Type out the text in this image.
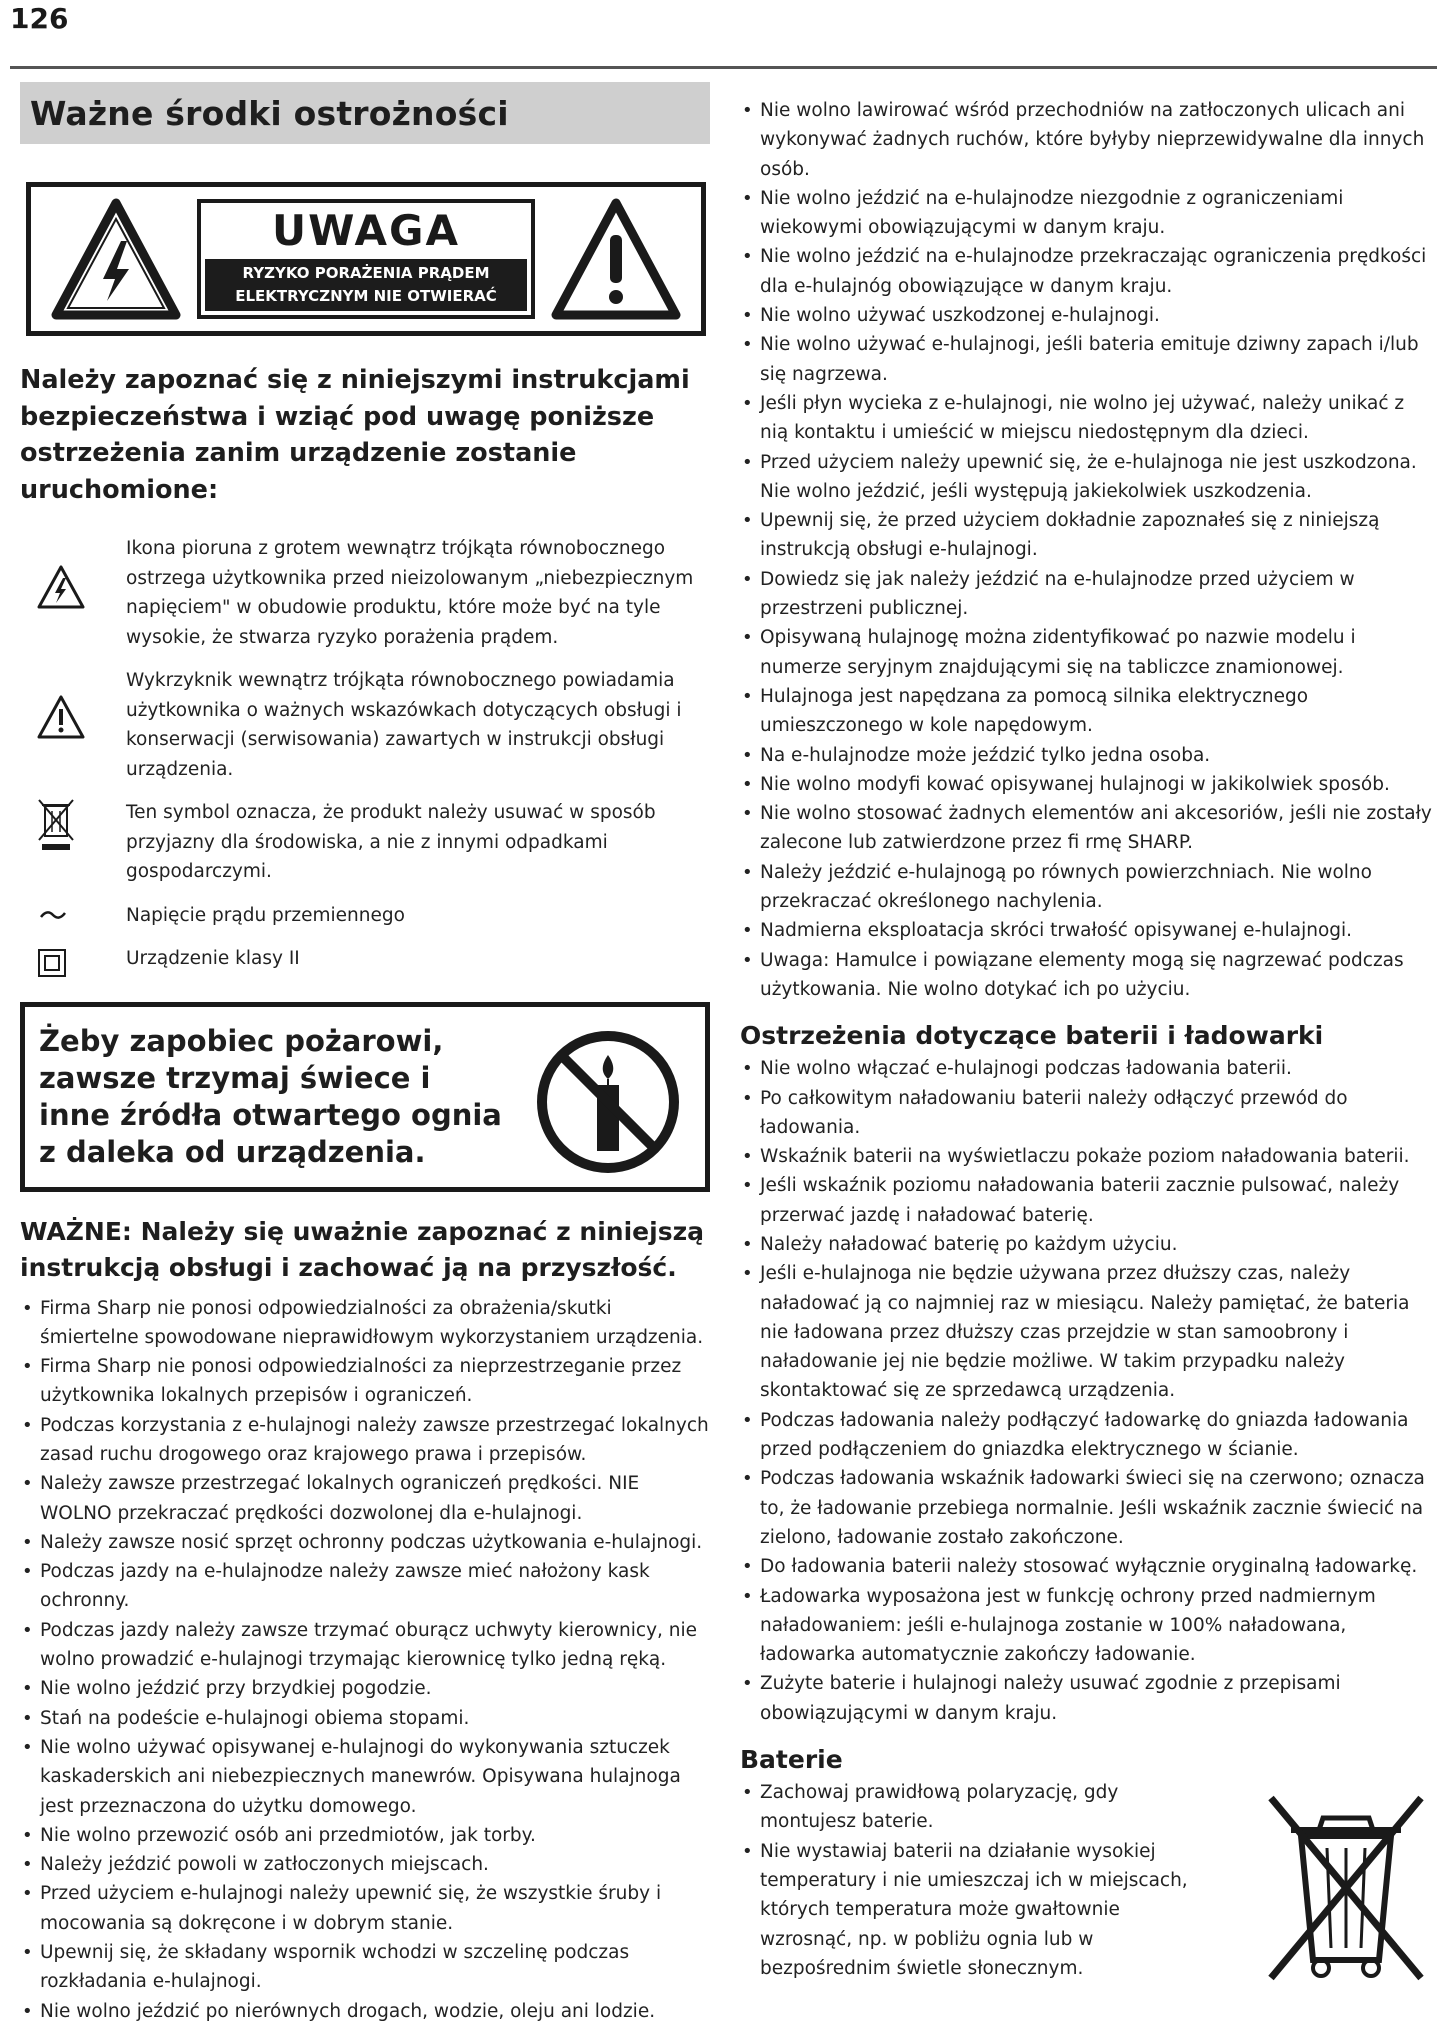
126
Ważne środki ostrożności
UWAGA
RYZYKO PORAŻENIA PRĄDEM
ELEKTRYCZNYM NIE OTWIERAĆ
Należy zapoznać się z niniejszymi instrukcjami bezpieczeństwa i wziąć pod uwagę poniższe ostrzeżenia zanim urządzenie zostanie uruchomione:
Ikona pioruna z grotem wewnątrz trójkąta równobocznego ostrzega użytkownika przed nieizolowanym „niebezpiecznym napięciem" w obudowie produktu, które może być na tyle wysokie, że stwarza ryzyko porażenia prądem.
Wykrzyknik wewnątrz trójkąta równobocznego powiadamia użytkownika o ważnych wskazówkach dotyczących obsługi i konserwacji (serwisowania) zawartych w instrukcji obsługi urządzenia.
Ten symbol oznacza, że produkt należy usuwać w sposób przyjazny dla środowiska, a nie z innymi odpadkami gospodarczymi.
Napięcie prądu przemiennego
Urządzenie klasy II

Żeby zapobiec pożarowi, zawsze trzymaj świece i inne źródła otwartego ognia z daleka od urządzenia.

WAŻNE: Należy się uważnie zapoznać z niniejszą instrukcją obsługi i zachować ją na przyszłość.
• Firma Sharp nie ponosi odpowiedzialności za obrażenia/skutki śmiertelne spowodowane nieprawidłowym wykorzystaniem urządzenia.
• Firma Sharp nie ponosi odpowiedzialności za nieprzestrzeganie przez użytkownika lokalnych przepisów i ograniczeń.
• Podczas korzystania z e-hulajnogi należy zawsze przestrzegać lokalnych zasad ruchu drogowego oraz krajowego prawa i przepisów.
• Należy zawsze przestrzegać lokalnych ograniczeń prędkości. NIE WOLNO przekraczać prędkości dozwolonej dla e-hulajnogi.
• Należy zawsze nosić sprzęt ochronny podczas użytkowania e-hulajnogi.
• Podczas jazdy na e-hulajnodze należy zawsze mieć nałożony kask ochronny.
• Podczas jazdy należy zawsze trzymać oburącz uchwyty kierownicy, nie wolno prowadzić e-hulajnogi trzymając kierownicę tylko jedną ręką.
• Nie wolno jeździć przy brzydkiej pogodzie.
• Stań na podeście e-hulajnogi obiema stopami.
• Nie wolno używać opisywanej e-hulajnogi do wykonywania sztuczek kaskaderskich ani niebezpiecznych manewrów. Opisywana hulajnoga jest przeznaczona do użytku domowego.
• Nie wolno przewozić osób ani przedmiotów, jak torby.
• Należy jeździć powoli w zatłoczonych miejscach.
• Przed użyciem e-hulajnogi należy upewnić się, że wszystkie śruby i mocowania są dokręcone i w dobrym stanie.
• Upewnij się, że składany wspornik wchodzi w szczelinę podczas rozkładania e-hulajnogi.
• Nie wolno jeździć po nierównych drogach, wodzie, oleju ani lodzie.
• Nie wolno lawirować wśród przechodniów na zatłoczonych ulicach ani wykonywać żadnych ruchów, które byłyby nieprzewidywalne dla innych osób.
• Nie wolno jeździć na e-hulajnodze niezgodnie z ograniczeniami wiekowymi obowiązującymi w danym kraju.
• Nie wolno jeździć na e-hulajnodze przekraczając ograniczenia prędkości dla e-hulajnóg obowiązujące w danym kraju.
• Nie wolno używać uszkodzonej e-hulajnogi.
• Nie wolno używać e-hulajnogi, jeśli bateria emituje dziwny zapach i/lub się nagrzewa.
• Jeśli płyn wycieka z e-hulajnogi, nie wolno jej używać, należy unikać z nią kontaktu i umieścić w miejscu niedostępnym dla dzieci.
• Przed użyciem należy upewnić się, że e-hulajnoga nie jest uszkodzona. Nie wolno jeździć, jeśli występują jakiekolwiek uszkodzenia.
• Upewnij się, że przed użyciem dokładnie zapoznałeś się z niniejszą instrukcją obsługi e-hulajnogi.
• Dowiedz się jak należy jeździć na e-hulajnodze przed użyciem w przestrzeni publicznej.
• Opisywaną hulajnogę można zidentyfikować po nazwie modelu i numerze seryjnym znajdującymi się na tabliczce znamionowej.
• Hulajnoga jest napędzana za pomocą silnika elektrycznego umieszczonego w kole napędowym.
• Na e-hulajnodze może jeździć tylko jedna osoba.
• Nie wolno modyfi kować opisywanej hulajnogi w jakikolwiek sposób.
• Nie wolno stosować żadnych elementów ani akcesoriów, jeśli nie zostały zalecone lub zatwierdzone przez fi rmę SHARP.
• Należy jeździć e-hulajnogą po równych powierzchniach. Nie wolno przekraczać określonego nachylenia.
• Nadmierna eksploatacja skróci trwałość opisywanej e-hulajnogi.
• Uwaga: Hamulce i powiązane elementy mogą się nagrzewać podczas użytkowania. Nie wolno dotykać ich po użyciu.
Ostrzeżenia dotyczące baterii i ładowarki
• Nie wolno włączać e-hulajnogi podczas ładowania baterii.
• Po całkowitym naładowaniu baterii należy odłączyć przewód do ładowania.
• Wskaźnik baterii na wyświetlaczu pokaże poziom naładowania baterii.
• Jeśli wskaźnik poziomu naładowania baterii zacznie pulsować, należy przerwać jazdę i naładować baterię.
• Należy naładować baterię po każdym użyciu.
• Jeśli e-hulajnoga nie będzie używana przez dłuższy czas, należy naładować ją co najmniej raz w miesiącu. Należy pamiętać, że bateria nie ładowana przez dłuższy czas przejdzie w stan samoobrony i naładowanie jej nie będzie możliwe. W takim przypadku należy skontaktować się ze sprzedawcą urządzenia.
• Podczas ładowania należy podłączyć ładowarkę do gniazda ładowania przed podłączeniem do gniazdka elektrycznego w ścianie.
• Podczas ładowania wskaźnik ładowarki świeci się na czerwono; oznacza to, że ładowanie przebiega normalnie. Jeśli wskaźnik zacznie świecić na zielono, ładowanie zostało zakończone.
• Do ładowania baterii należy stosować wyłącznie oryginalną ładowarkę.
• Ładowarka wyposażona jest w funkcję ochrony przed nadmiernym naładowaniem: jeśli e-hulajnoga zostanie w 100% naładowana, ładowarka automatycznie zakończy ładowanie.
• Zużyte baterie i hulajnogi należy usuwać zgodnie z przepisami obowiązującymi w danym kraju.
Baterie
• Zachowaj prawidłową polaryzację, gdy montujesz baterie.
• Nie wystawiaj baterii na działanie wysokiej temperatury i nie umieszczaj ich w miejscach, których temperatura może gwałtownie wzrosnąć, np. w pobliżu ognia lub w bezpośrednim świetle słonecznym.
